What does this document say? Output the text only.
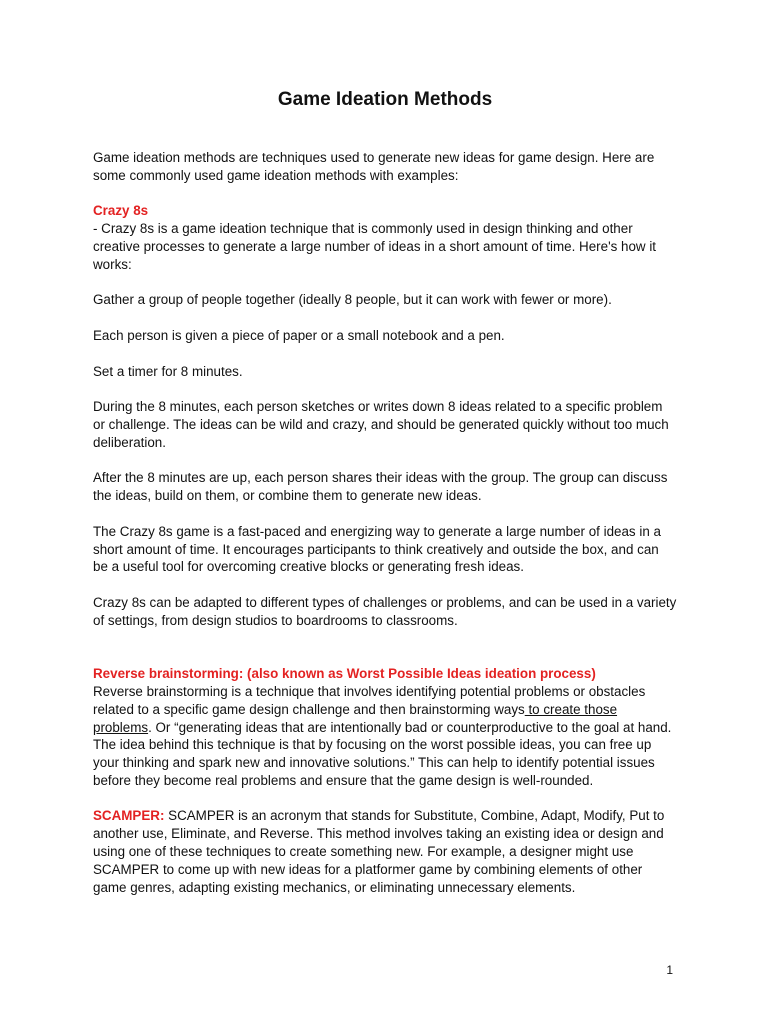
Game Ideation Methods

Game ideation methods are techniques used to generate new ideas for game design. Here are some commonly used game ideation methods with examples:

Crazy 8s

- Crazy 8s is a game ideation technique that is commonly used in design thinking and other creative processes to generate a large number of ideas in a short amount of time. Here's how it works:

Gather a group of people together (ideally 8 people, but it can work with fewer or more).

Each person is given a piece of paper or a small notebook and a pen.

Set a timer for 8 minutes.

During the 8 minutes, each person sketches or writes down 8 ideas related to a specific problem or challenge. The ideas can be wild and crazy, and should be generated quickly without too much deliberation.

After the 8 minutes are up, each person shares their ideas with the group. The group can discuss the ideas, build on them, or combine them to generate new ideas.

The Crazy 8s game is a fast-paced and energizing way to generate a large number of ideas in a short amount of time. It encourages participants to think creatively and outside the box, and can be a useful tool for overcoming creative blocks or generating fresh ideas.

Crazy 8s can be adapted to different types of challenges or problems, and can be used in a variety of settings, from design studios to boardrooms to classrooms.

Reverse brainstorming: (also known as Worst Possible Ideas ideation process)

Reverse brainstorming is a technique that involves identifying potential problems or obstacles related to a specific game design challenge and then brainstorming ways to create those problems. Or “generating ideas that are intentionally bad or counterproductive to the goal at hand. The idea behind this technique is that by focusing on the worst possible ideas, you can free up your thinking and spark new and innovative solutions.” This can help to identify potential issues before they become real problems and ensure that the game design is well-rounded.

SCAMPER: SCAMPER is an acronym that stands for Substitute, Combine, Adapt, Modify, Put to another use, Eliminate, and Reverse. This method involves taking an existing idea or design and using one of these techniques to create something new. For example, a designer might use SCAMPER to come up with new ideas for a platformer game by combining elements of other game genres, adapting existing mechanics, or eliminating unnecessary elements.

1
